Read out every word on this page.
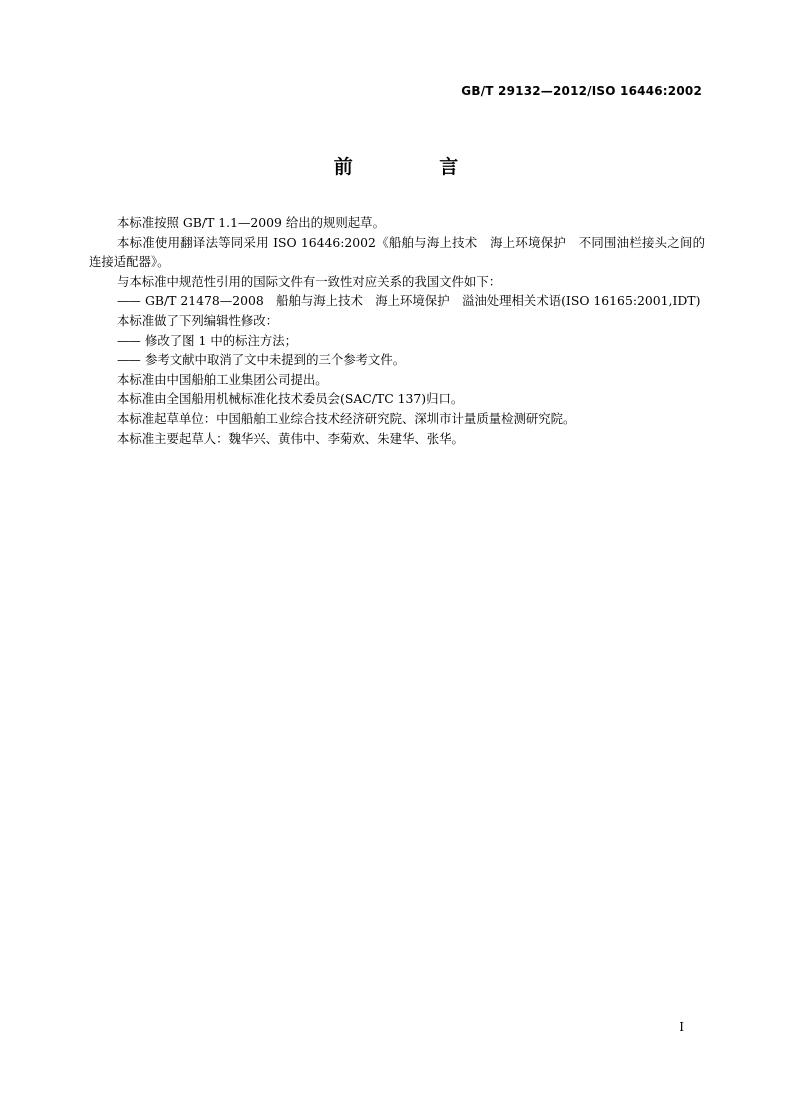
GB/T 29132—2012/ISO 16446:2002
前 言

本标准按照 GB/T 1.1—2009 给出的规则起草。

本标准使用翻译法等同采用 ISO 16446:2002《船舶与海上技术　海上环境保护　不同围油栏接头之间的连接适配器》。

与本标准中规范性引用的国际文件有一致性对应关系的我国文件如下：

—— GB/T 21478—2008　船舶与海上技术　海上环境保护　溢油处理相关术语(ISO 16165:2001,IDT)

本标准做了下列编辑性修改：

—— 修改了图 1 中的标注方法；

—— 参考文献中取消了文中未提到的三个参考文件。

本标准由中国船舶工业集团公司提出。

本标准由全国船用机械标准化技术委员会(SAC/TC 137)归口。

本标准起草单位：中国船舶工业综合技术经济研究院、深圳市计量质量检测研究院。

本标准主要起草人：魏华兴、黄伟中、李菊欢、朱建华、张华。

I
